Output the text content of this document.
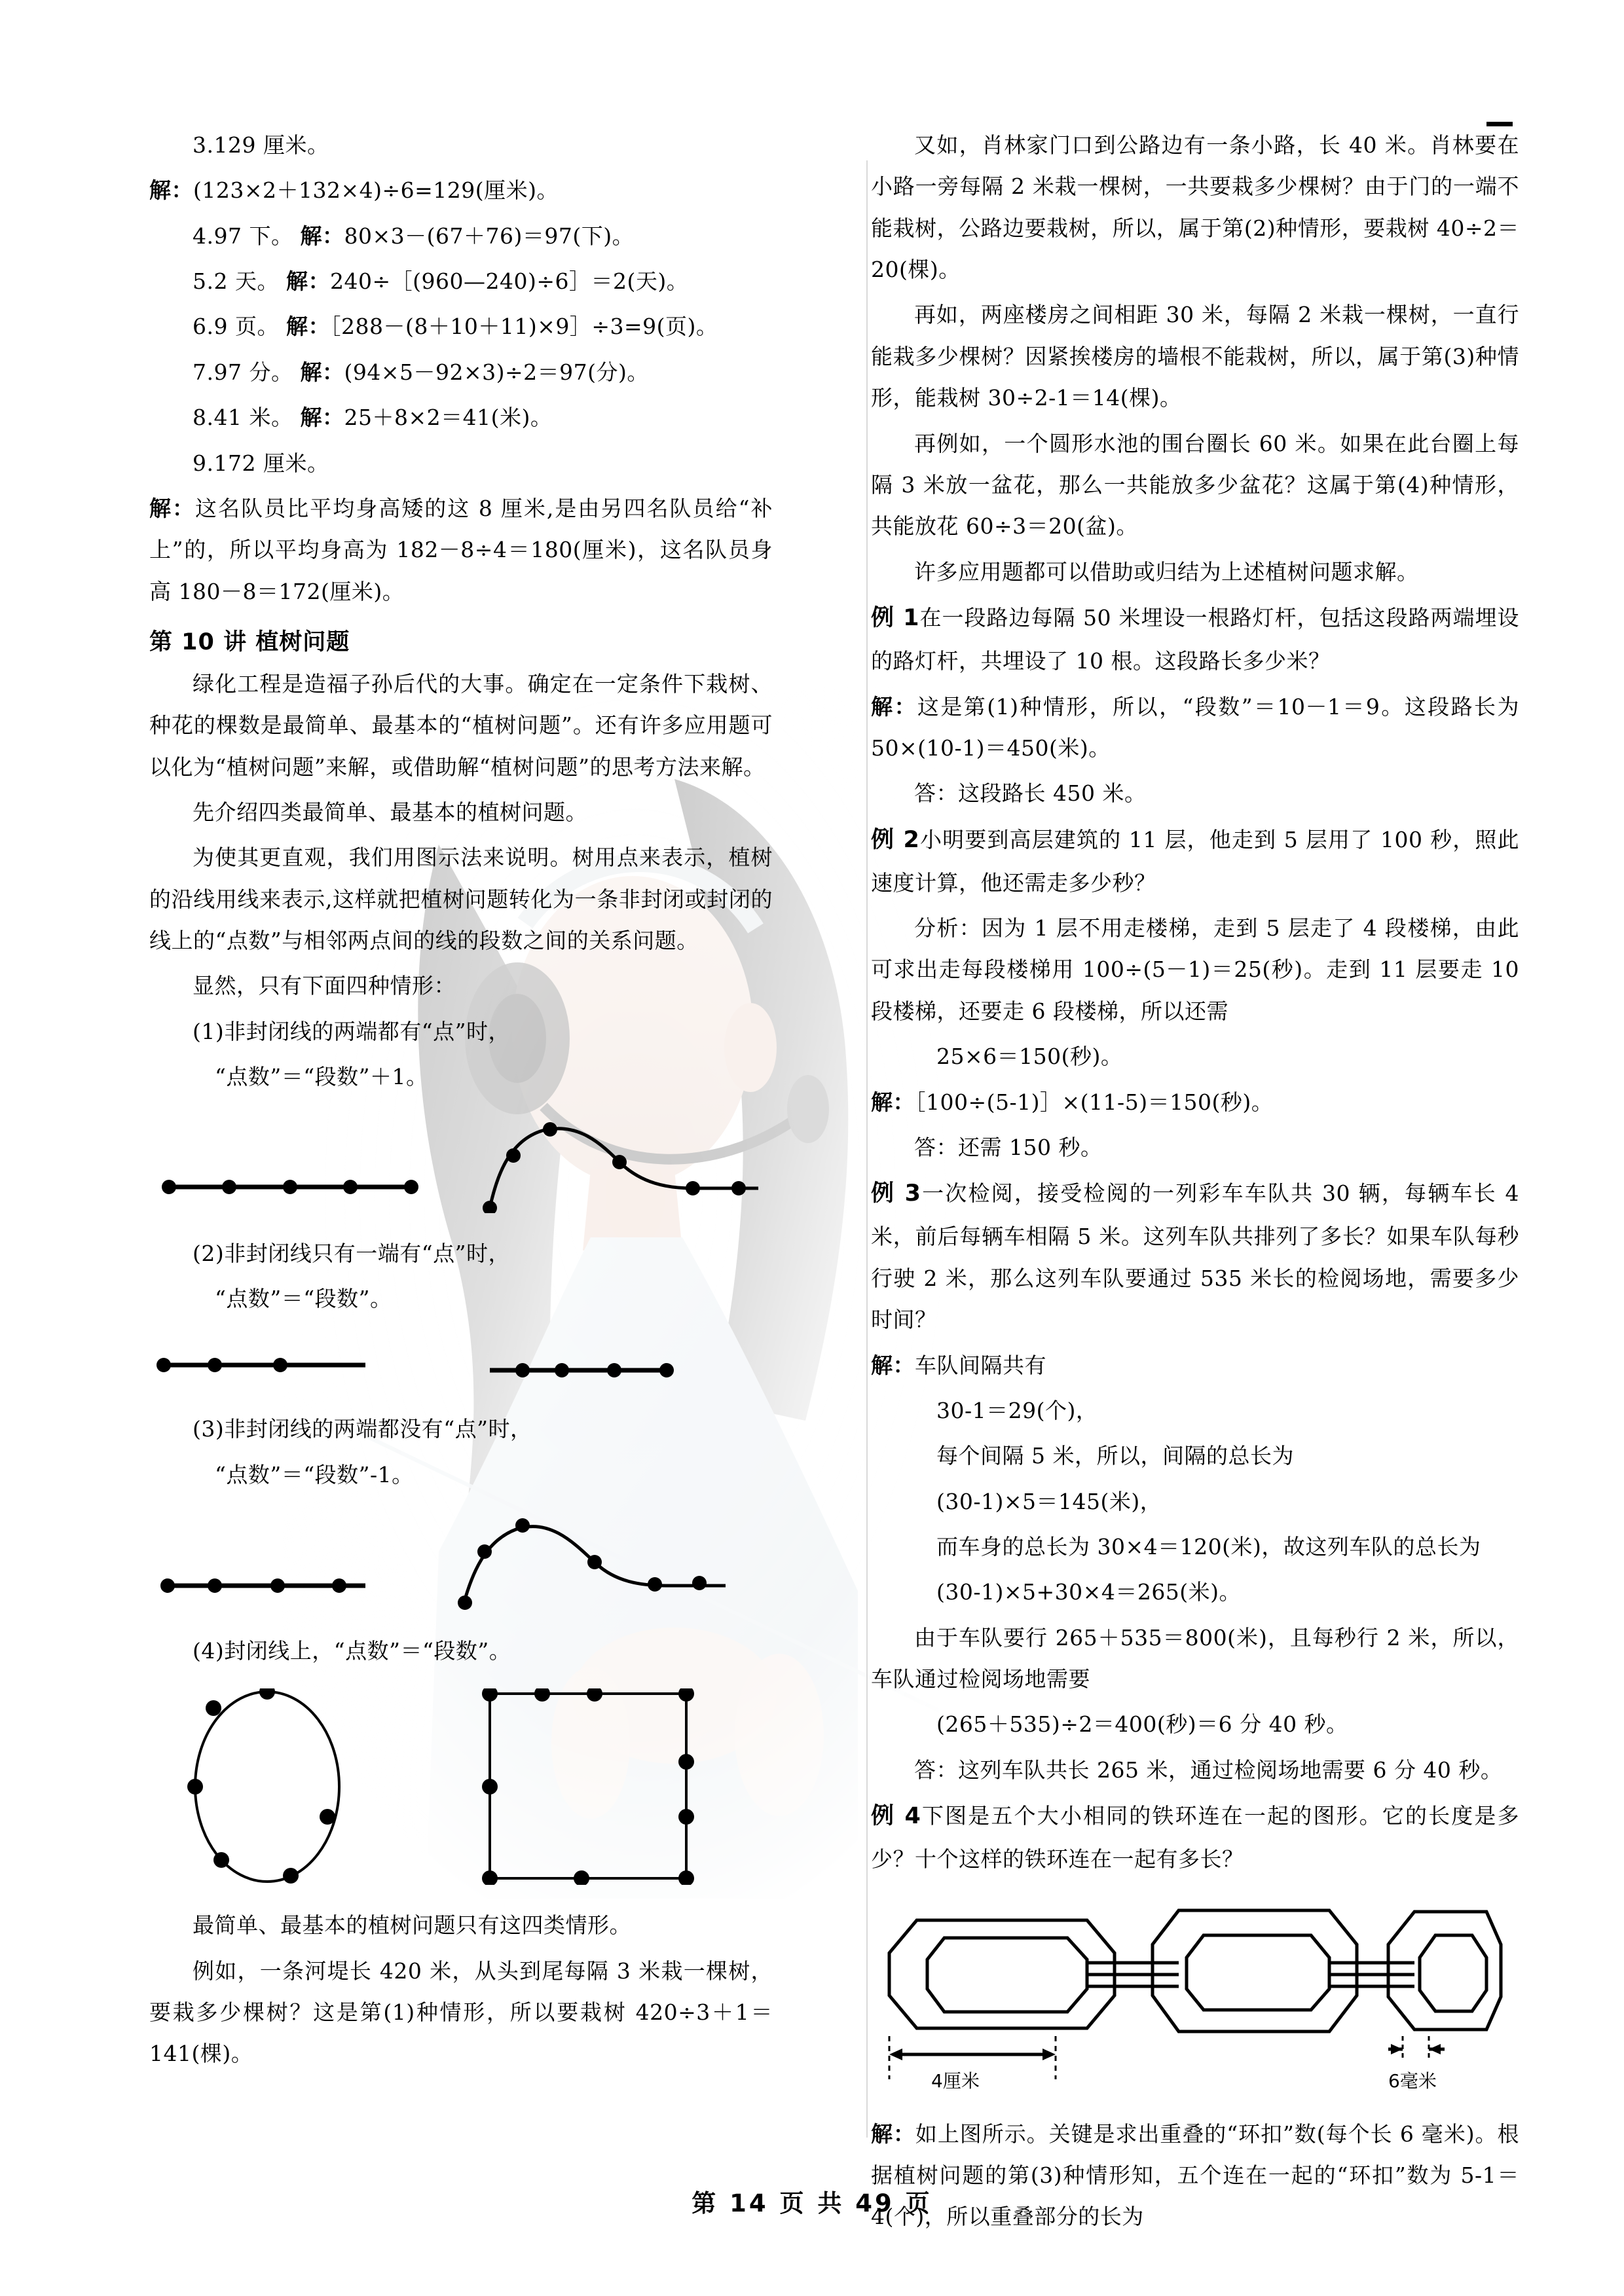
3.129 厘米。

解：(123×2＋132×4)÷6=129(厘米)。

4.97 下。 解：80×3－(67＋76)＝97(下)。

5.2 天。 解：240÷［(960—240)÷6］＝2(天)。

6.9 页。 解：［288－(8＋10＋11)×9］÷3=9(页)。

7.97 分。 解：(94×5－92×3)÷2＝97(分)。

8.41 米。 解：25＋8×2＝41(米)。

9.172 厘米。

解：这名队员比平均身高矮的这 8 厘米,是由另四名队员给“补上”的，所以平均身高为 182－8÷4＝180(厘米)，这名队员身高 180－8＝172(厘米)。

第 10 讲 植树问题

绿化工程是造福子孙后代的大事。确定在一定条件下栽树、种花的棵数是最简单、最基本的“植树问题”。还有许多应用题可以化为“植树问题”来解，或借助解“植树问题”的思考方法来解。

先介绍四类最简单、最基本的植树问题。

为使其更直观，我们用图示法来说明。树用点来表示，植树的沿线用线来表示,这样就把植树问题转化为一条非封闭或封闭的线上的“点数”与相邻两点间的线的段数之间的关系问题。

显然，只有下面四种情形：

(1)非封闭线的两端都有“点”时，

“点数”＝“段数”＋1。

(2)非封闭线只有一端有“点”时，

“点数”＝“段数”。

(3)非封闭线的两端都没有“点”时，

“点数”＝“段数”-1。

(4)封闭线上，“点数”＝“段数”。

最简单、最基本的植树问题只有这四类情形。

例如，一条河堤长 420 米，从头到尾每隔 3 米栽一棵树，要栽多少棵树？这是第(1)种情形，所以要栽树 420÷3＋1＝141(棵)。

又如，肖林家门口到公路边有一条小路，长 40 米。肖林要在小路一旁每隔 2 米栽一棵树，一共要栽多少棵树？由于门的一端不能栽树，公路边要栽树，所以，属于第(2)种情形，要栽树 40÷2＝20(棵)。

再如，两座楼房之间相距 30 米，每隔 2 米栽一棵树，一直行能栽多少棵树？因紧挨楼房的墙根不能栽树，所以，属于第(3)种情形，能栽树 30÷2-1＝14(棵)。

再例如，一个圆形水池的围台圈长 60 米。如果在此台圈上每隔 3 米放一盆花，那么一共能放多少盆花？这属于第(4)种情形，共能放花 60÷3＝20(盆)。

许多应用题都可以借助或归结为上述植树问题求解。

例 1在一段路边每隔 50 米埋设一根路灯杆，包括这段路两端埋设的路灯杆，共埋设了 10 根。这段路长多少米？

解：这是第(1)种情形，所以，“段数”＝10－1＝9。这段路长为 50×(10-1)＝450(米)。

答：这段路长 450 米。

例 2小明要到高层建筑的 11 层，他走到 5 层用了 100 秒，照此速度计算，他还需走多少秒？

分析：因为 1 层不用走楼梯，走到 5 层走了 4 段楼梯，由此可求出走每段楼梯用 100÷(5－1)＝25(秒)。走到 11 层要走 10 段楼梯，还要走 6 段楼梯，所以还需

25×6＝150(秒)。

解：［100÷(5-1)］×(11-5)＝150(秒)。

答：还需 150 秒。

例 3一次检阅，接受检阅的一列彩车车队共 30 辆，每辆车长 4 米，前后每辆车相隔 5 米。这列车队共排列了多长？如果车队每秒行驶 2 米，那么这列车队要通过 535 米长的检阅场地，需要多少时间？

解：车队间隔共有

30-1＝29(个)，

每个间隔 5 米，所以，间隔的总长为

(30-1)×5＝145(米)，

而车身的总长为 30×4＝120(米)，故这列车队的总长为

(30-1)×5+30×4＝265(米)。

由于车队要行 265＋535＝800(米)，且每秒行 2 米，所以，车队通过检阅场地需要

(265＋535)÷2＝400(秒)＝6 分 40 秒。

答：这列车队共长 265 米，通过检阅场地需要 6 分 40 秒。

例 4下图是五个大小相同的铁环连在一起的图形。它的长度是多少？十个这样的铁环连在一起有多长？

4厘米	6毫米

解：如上图所示。关键是求出重叠的“环扣”数(每个长 6 毫米)。根据植树问题的第(3)种情形知，五个连在一起的“环扣”数为 5-1＝4(个)，所以重叠部分的长为

第 14 页 共 49 页
